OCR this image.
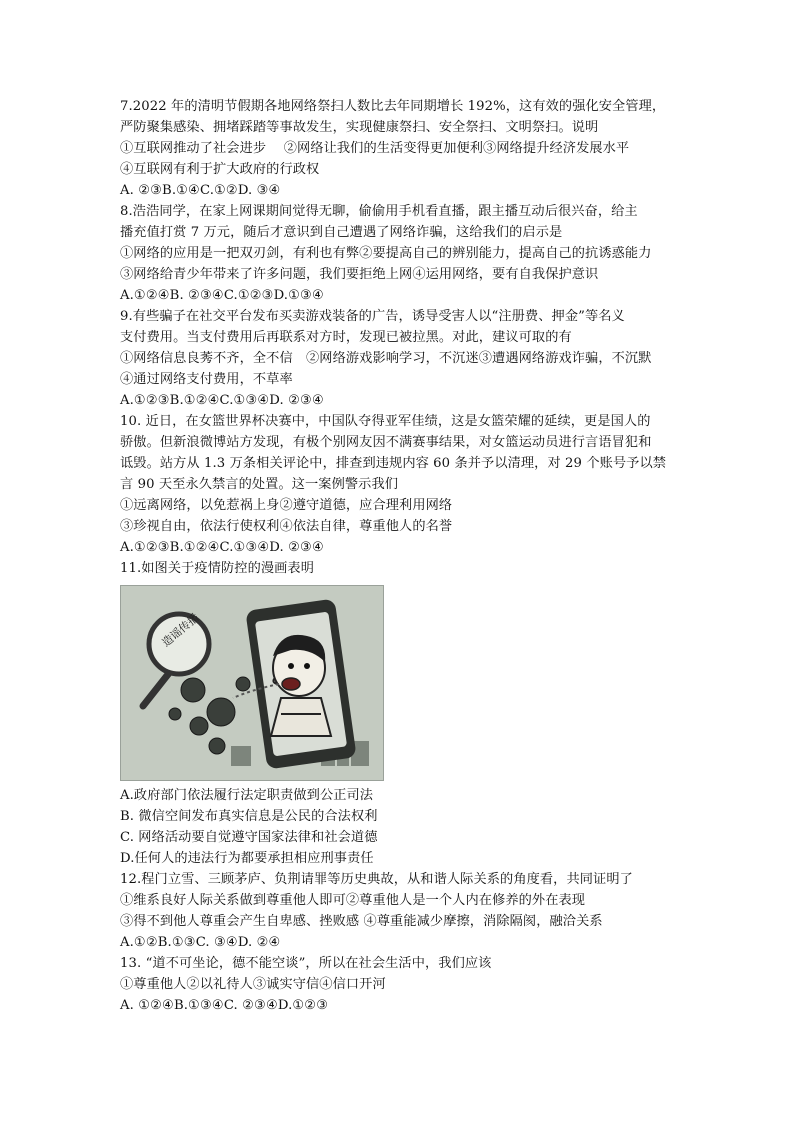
7.2022 年的清明节假期各地网络祭扫人数比去年同期增长 192%，这有效的强化安全管理，
严防聚集感染、拥堵踩踏等事故发生，实现健康祭扫、安全祭扫、文明祭扫。说明
①互联网推动了社会进步　 ②网络让我们的生活变得更加便利③网络提升经济发展水平
④互联网有利于扩大政府的行政权
A. ②③B.①④C.①②D. ③④
8.浩浩同学，在家上网课期间觉得无聊，偷偷用手机看直播，跟主播互动后很兴奋，给主
播充值打赏 7 万元，随后才意识到自己遭遇了网络诈骗，这给我们的启示是
①网络的应用是一把双刃剑，有利也有弊②要提高自己的辨别能力，提高自己的抗诱惑能力
③网络给青少年带来了许多问题，我们要拒绝上网④运用网络，要有自我保护意识
A.①②④B. ②③④C.①②③D.①③④
9.有些骗子在社交平台发布买卖游戏装备的广告，诱导受害人以“注册费、押金”等名义
支付费用。当支付费用后再联系对方时，发现已被拉黑。对此，建议可取的有
①网络信息良莠不齐，全不信　②网络游戏影响学习，不沉迷③遭遇网络游戏诈骗，不沉默
④通过网络支付费用，不草率
A.①②③B.①②④C.①③④D. ②③④
10. 近日，在女篮世界杯决赛中，中国队夺得亚军佳绩，这是女篮荣耀的延续，更是国人的
骄傲。但新浪微博站方发现，有极个别网友因不满赛事结果，对女篮运动员进行言语冒犯和
诋毁。站方从 1.3 万条相关评论中，排查到违规内容 60 条并予以清理，对 29 个账号予以禁
言 90 天至永久禁言的处置。这一案例警示我们
①远离网络，以免惹祸上身②遵守道德，应合理利用网络
③珍视自由，依法行使权利④依法自律，尊重他人的名誉
A.①②③B.①②④C.①③④D. ②③④
11.如图关于疫情防控的漫画表明
造谣传播
A.政府部门依法履行法定职责做到公正司法
B. 微信空间发布真实信息是公民的合法权利
C. 网络活动要自觉遵守国家法律和社会道德
D.任何人的违法行为都要承担相应刑事责任
12.程门立雪、三顾茅庐、负荆请罪等历史典故，从和谐人际关系的角度看，共同证明了
①维系良好人际关系做到尊重他人即可②尊重他人是一个人内在修养的外在表现
③得不到他人尊重会产生自卑感、挫败感 ④尊重能减少摩擦，消除隔阂，融洽关系
A.①②B.①③C. ③④D. ②④
13. “道不可坐论，德不能空谈”，所以在社会生活中，我们应该
①尊重他人②以礼待人③诚实守信④信口开河
A. ①②④B.①③④C. ②③④D.①②③
